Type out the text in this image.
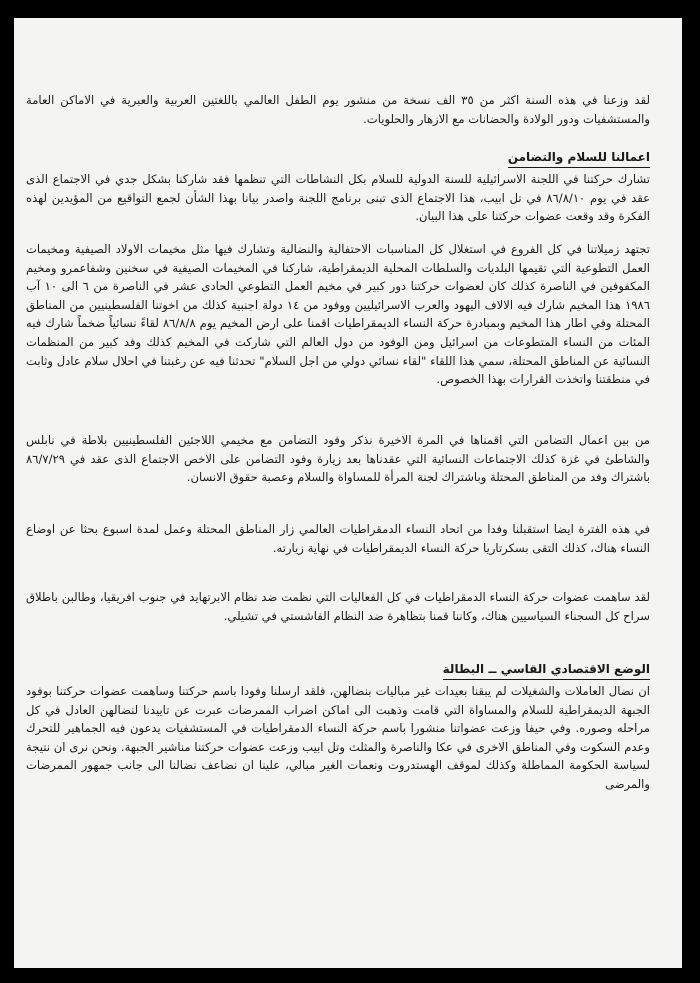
لقد وزعنا في هذه السنة اكثر من ٣٥ الف نسخة من منشور يوم الطفل العالمي باللغتين العربية والعبرية في الاماكن العامة والمستشفيات ودور الولادة والحضانات مع الازهار والحلويات.

اعمالنا للسلام والتضامن

تشارك حركتنا في اللجنة الاسرائيلية للسنة الدولية للسلام بكل النشاطات التي تنظمها فقد شاركنا بشكل جدي في الاجتماع الذى عقد في يوم ٨٦/٨/١٠ في تل ابيب، هذا الاجتماع الذى تبنى برنامج اللجنة واصدر بيانا بهذا الشأن لجمع التواقيع من المؤيدين لهذه الفكرة وقد وقعت عضوات حركتنا على هذا البيان.

تجتهد زميلاتنا في كل الفروع في استغلال كل المناسبات الاحتفالية والنضالية وتشارك فيها مثل مخيمات الاولاد الصيفية ومخيمات العمل التطوعية التي تقيمها البلديات والسلطات المحلية الديمقراطية، شاركنا في المخيمات الصيفية في سخنين وشفاعمرو ومخيم المكفوفين في الناصرة كذلك كان لعضوات حركتنا دور كبير في مخيم العمل التطوعي الحادى عشر في الناصرة من ٦ الى ١٠ آب ١٩٨٦ هذا المخيم شارك فيه الالاف اليهود والعرب الاسرائيليين ووفود من ١٤ دولة اجنبية كذلك من اخوتنا الفلسطينيين من المناطق المحتلة وفي اطار هذا المخيم وبمبادرة حركة النساء الديمقراطيات اقمنا على ارض المخيم يوم ٨٦/٨/٨ لقاءً نسائياً ضخماً شارك فيه المئات من النساء المتطوعات من اسرائيل ومن الوفود من دول العالم التي شاركت في المخيم كذلك وفد كبير من المنظمات النسائية عن المناطق المحتلة، سمي هذا اللقاء "لقاء نسائي دولي من اجل السلام" تحدثنا فيه عن رغبتنا في احلال سلام عادل وثابت في منطقتنا واتخذت القرارات بهذا الخصوص.

من بين اعمال التضامن التي اقمناها في المرة الاخيرة نذكر وفود التضامن مع مخيمي اللاجئين الفلسطينيين بلاطة في نابلس والشاطئ في غزة كذلك الاجتماعات النسائية التي عقدناها بعد زيارة وفود التضامن على الاخص الاجتماع الذى عقد في ٨٦/٧/٢٩ باشتراك وفد من المناطق المحتلة وباشتراك لجنة المرأة للمساواة والسلام وعصبة حقوق الانسان.

في هذه الفترة ايضا استقبلنا وفدا من اتحاد النساء الدمقراطيات العالمي زار المناطق المحتلة وعمل لمدة اسبوع بحثا عن اوضاع النساء هناك، كذلك التقى بسكرتاريا حركة النساء الديمقراطيات في نهاية زيارته.

لقد ساهمت عضوات حركة النساء الدمقراطيات في كل الفعاليات التي نظمت ضد نظام الابرتهايد في جنوب افريقيا، وطالبن باطلاق سراح كل السجناء السياسيين هناك، وكاننا قمنا بتظاهرة ضد النظام الفاشستي في تشيلي.

الوضع الاقتصادي القاسي ــ البطالة

ان نضال العاملات والشغيلات لم يبقنا بعيدات غير مباليات بنضالهن، فلقد ارسلنا وفودا باسم حركتنا وساهمت عضوات حركتنا بوفود الجبهة الديمقراطية للسلام والمساواة التي قامت وذهبت الى اماكن اضراب الممرضات عبرت عن تاييدنا لنضالهن العادل في كل مراحله وصوره. وفي حيفا وزعت عضواتنا منشورا باسم حركة النساء الدمقراطيات في المستشفيات يدعون فيه الجماهير للتحرك وعدم السكوت وفي المناطق الاخرى في عكا والناصرة والمثلث وتل ابيب وزعت عضوات حركتنا مناشير الجبهة. ونحن نرى ان نتيجة لسياسة الحكومة المماطلة وكذلك لموقف الهستدروت ونعمات الغير مبالي، علينا ان نضاعف نضالنا الى جانب جمهور الممرضات والمرضى
